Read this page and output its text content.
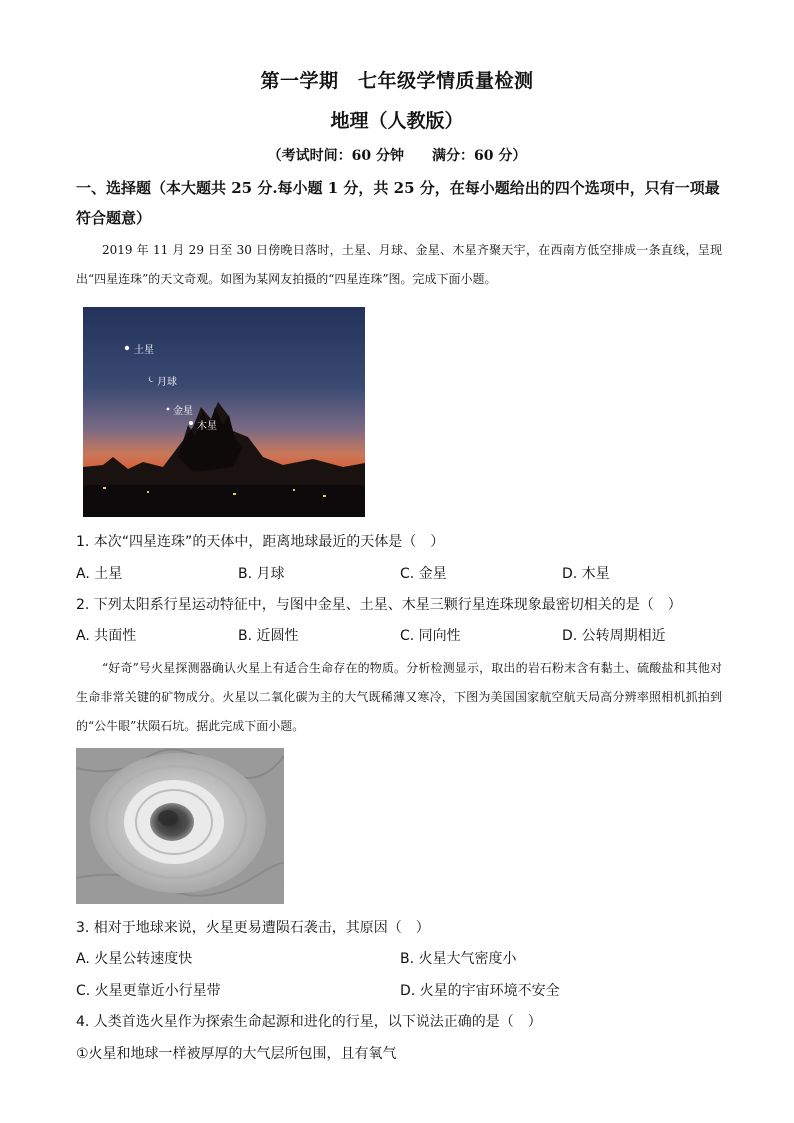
第一学期　七年级学情质量检测
地理（人教版）
（考试时间：60 分钟　　满分：60 分）
一、选择题（本大题共 25 分.每小题 1 分，共 25 分，在每小题给出的四个选项中，只有一项最符合题意）
2019 年 11 月 29 日至 30 日傍晚日落时，土星、月球、金星、木星齐聚天宇，在西南方低空排成一条直线，呈现出“四星连珠”的天文奇观。如图为某网友拍摄的“四星连珠”图。完成下面小题。
土星
月球
金星
木星
1. 本次“四星连珠”的天体中，距离地球最近的天体是（　）
A. 土星	B. 月球	C. 金星	D. 木星
2. 下列太阳系行星运动特征中，与图中金星、土星、木星三颗行星连珠现象最密切相关的是（　）
A. 共面性	B. 近圆性	C. 同向性	D. 公转周期相近
“好奇”号火星探测器确认火星上有适合生命存在的物质。分析检测显示，取出的岩石粉末含有黏土、硫酸盐和其他对生命非常关键的矿物成分。火星以二氧化碳为主的大气既稀薄又寒冷，下图为美国国家航空航天局高分辨率照相机抓拍到的“公牛眼”状陨石坑。据此完成下面小题。
3. 相对于地球来说，火星更易遭陨石袭击，其原因（　）
A. 火星公转速度快	B. 火星大气密度小
C. 火星更靠近小行星带	D. 火星的宇宙环境不安全
4. 人类首选火星作为探索生命起源和进化的行星，以下说法正确的是（　）
①火星和地球一样被厚厚的大气层所包围，且有氧气
